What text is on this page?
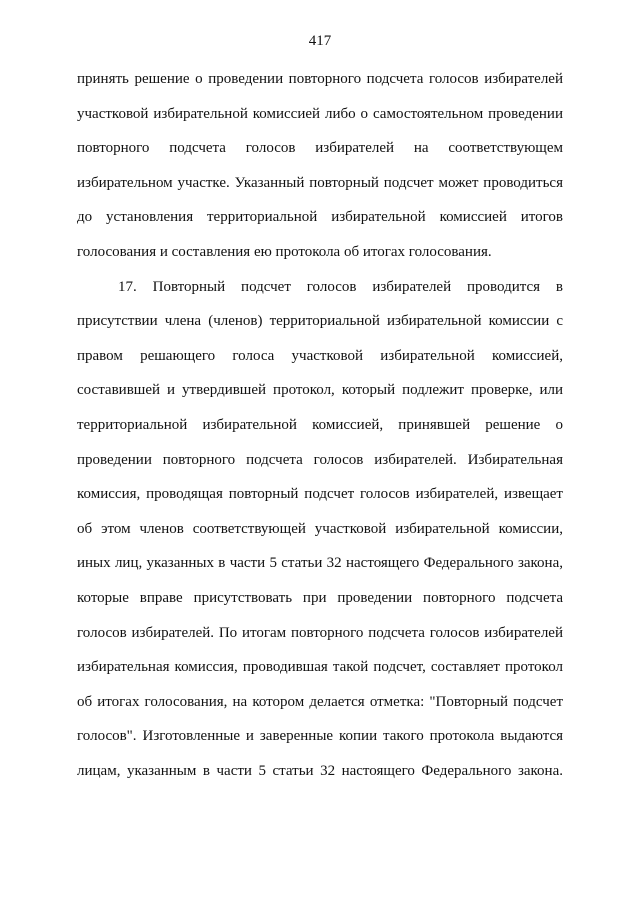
417
принять решение о проведении повторного подсчета голосов избирателей
участковой избирательной комиссией либо о самостоятельном проведении
повторного подсчета голосов избирателей на соответствующем
избирательном участке. Указанный повторный подсчет может проводиться
до установления территориальной избирательной комиссией итогов
голосования и составления ею протокола об итогах голосования.
17. Повторный подсчет голосов избирателей проводится в
присутствии члена (членов) территориальной избирательной комиссии с
правом решающего голоса участковой избирательной комиссией,
составившей и утвердившей протокол, который подлежит проверке, или
территориальной избирательной комиссией, принявшей решение о
проведении повторного подсчета голосов избирателей. Избирательная
комиссия, проводящая повторный подсчет голосов избирателей, извещает
об этом членов соответствующей участковой избирательной комиссии,
иных лиц, указанных в части 5 статьи 32 настоящего Федерального закона,
которые вправе присутствовать при проведении повторного подсчета
голосов избирателей. По итогам повторного подсчета голосов избирателей
избирательная комиссия, проводившая такой подсчет, составляет протокол
об итогах голосования, на котором делается отметка: "Повторный подсчет
голосов". Изготовленные и заверенные копии такого протокола выдаются
лицам, указанным в части 5 статьи 32 настоящего Федерального закона.
